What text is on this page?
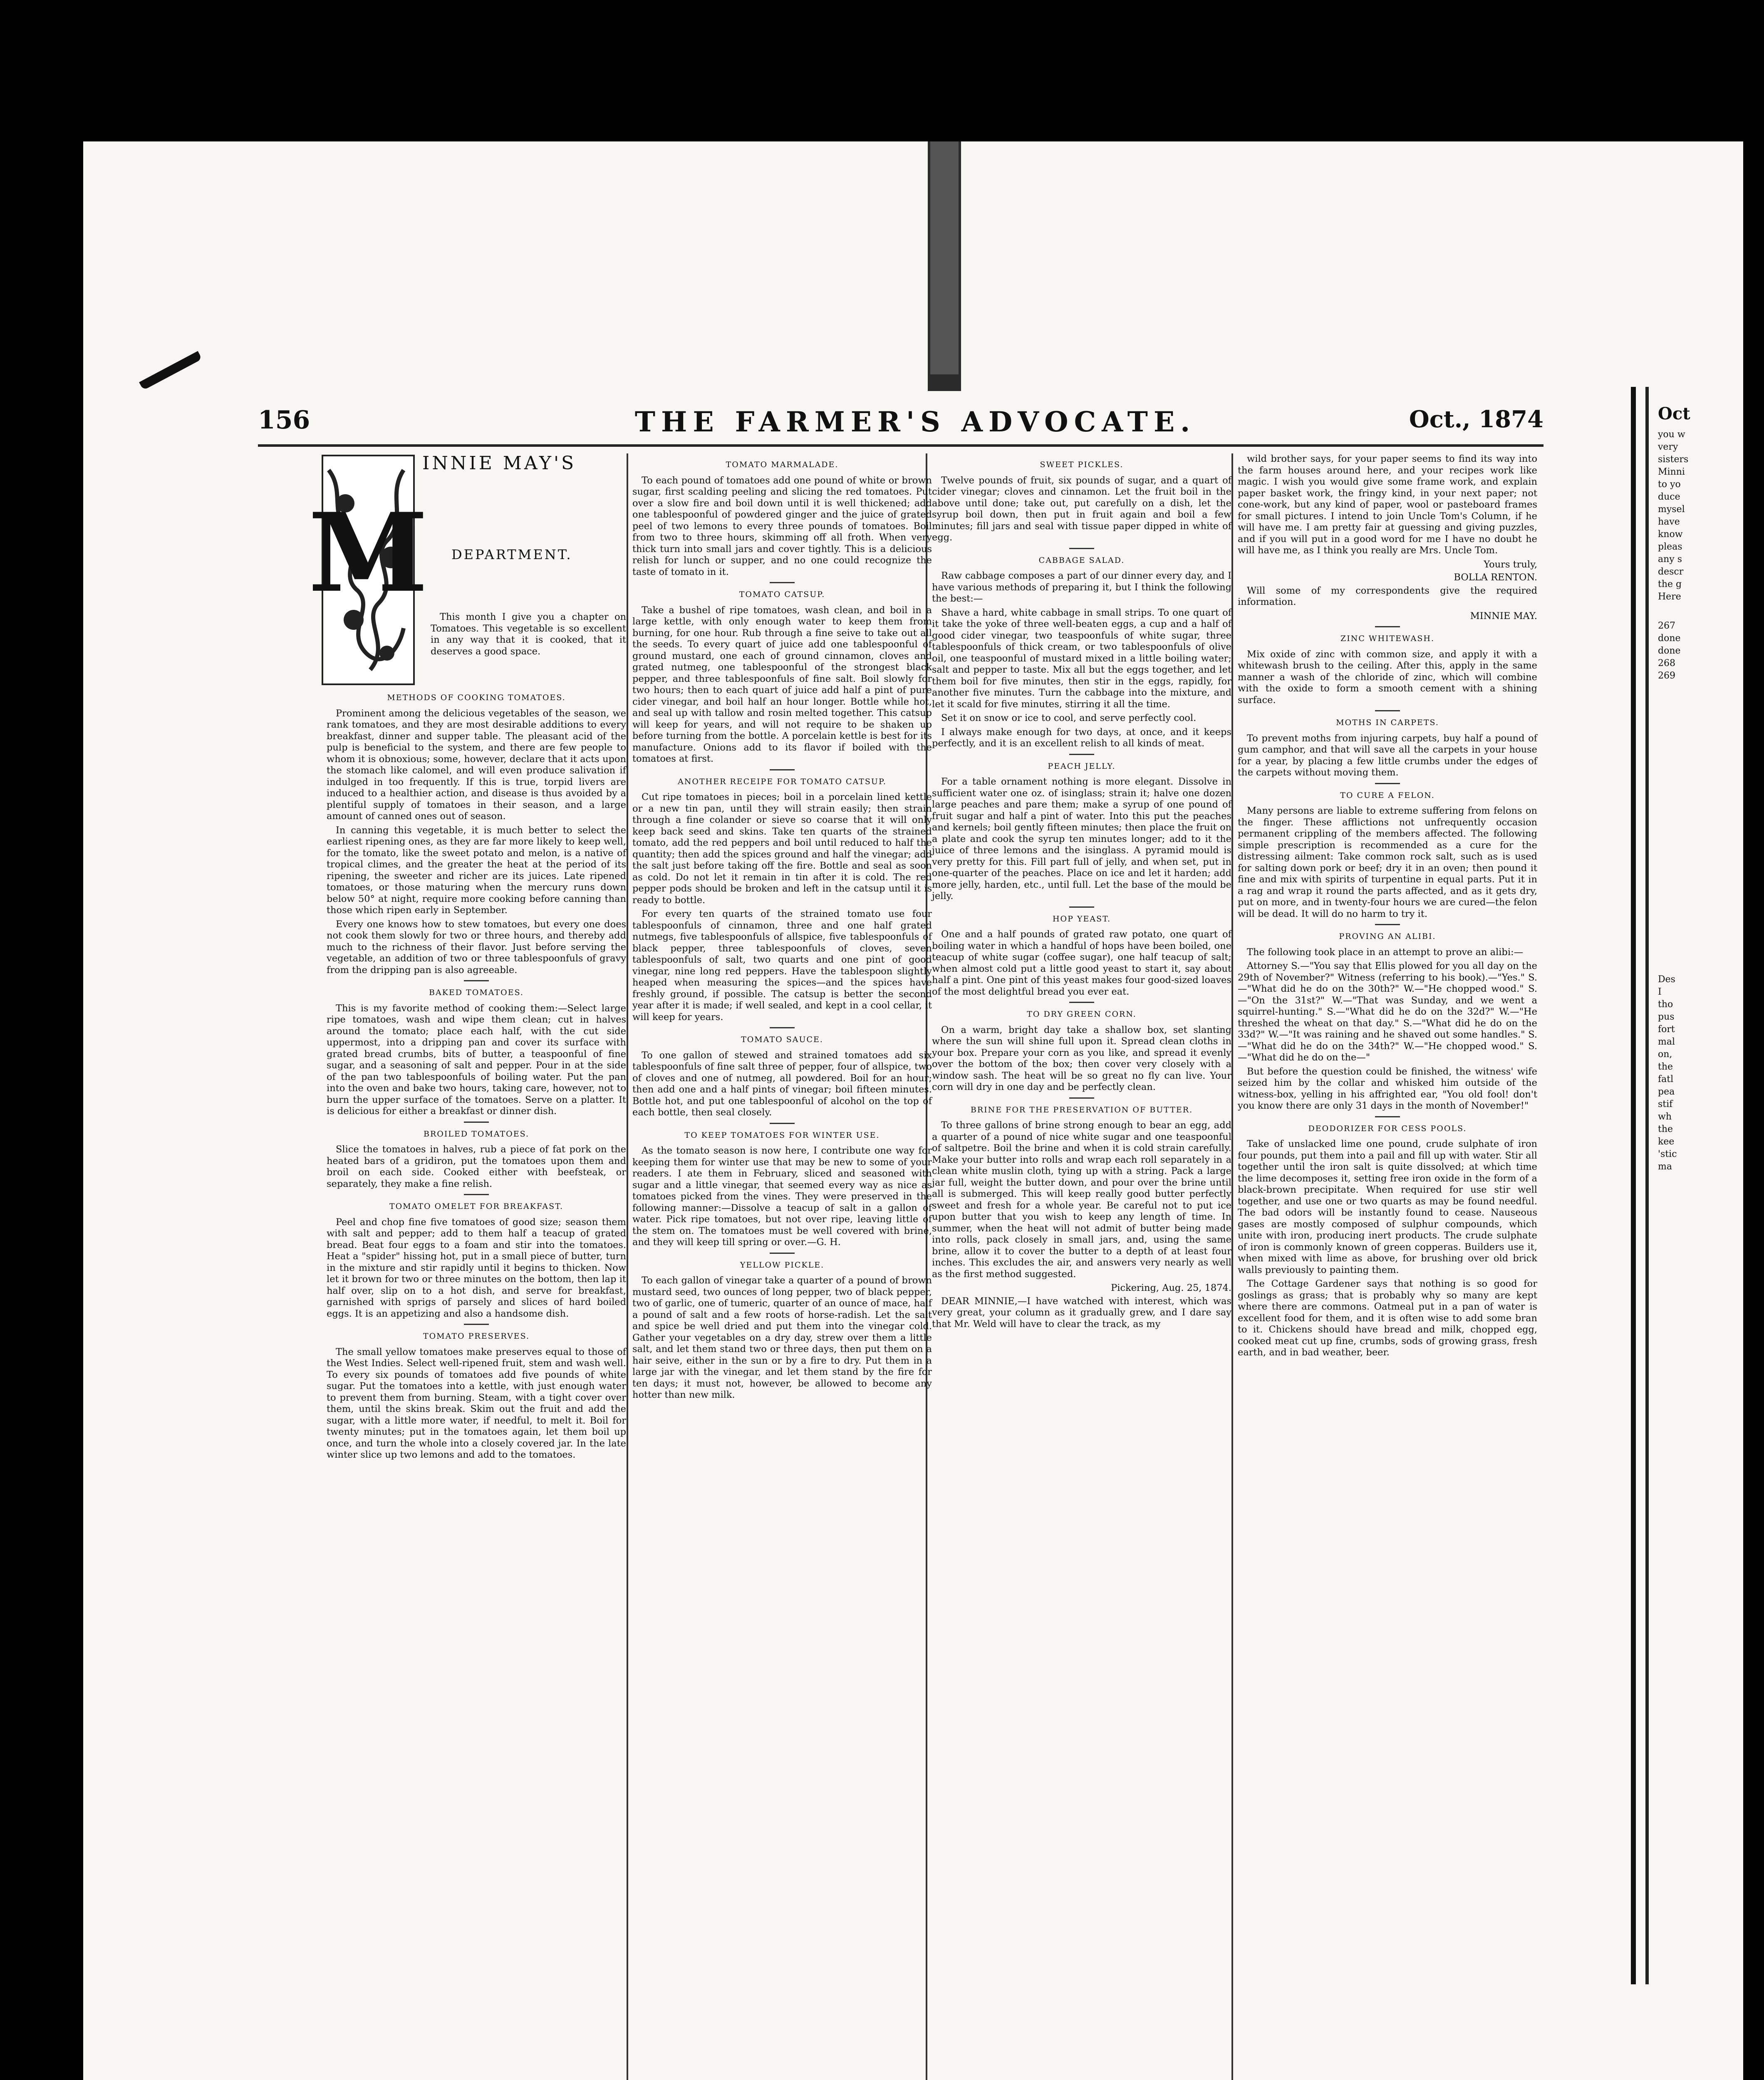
156	THE FARMER'S ADVOCATE.	Oct., 1874
M
INNIE MAY'S
DEPARTMENT.

This month I give you a chapter on Tomatoes. This vegetable is so excellent in any way that it is cooked, that it deserves a good space.

METHODS OF COOKING TOMATOES.

Prominent among the delicious vegetables of the season, we rank tomatoes, and they are most desirable additions to every breakfast, dinner and supper table. The pleasant acid of the pulp is beneficial to the system, and there are few people to whom it is obnoxious; some, however, declare that it acts upon the stomach like calomel, and will even produce salivation if indulged in too frequently. If this is true, torpid livers are induced to a healthier action, and disease is thus avoided by a plentiful supply of tomatoes in their season, and a large amount of canned ones out of season.

In canning this vegetable, it is much better to select the earliest ripening ones, as they are far more likely to keep well, for the tomato, like the sweet potato and melon, is a native of tropical climes, and the greater the heat at the period of its ripening, the sweeter and richer are its juices. Late ripened tomatoes, or those maturing when the mercury runs down below 50° at night, require more cooking before canning than those which ripen early in September.

Every one knows how to stew tomatoes, but every one does not cook them slowly for two or three hours, and thereby add much to the richness of their flavor. Just before serving the vegetable, an addition of two or three tablespoonfuls of gravy from the dripping pan is also agreeable.

BAKED TOMATOES.

This is my favorite method of cooking them:—Select large ripe tomatoes, wash and wipe them clean; cut in halves around the tomato; place each half, with the cut side uppermost, into a dripping pan and cover its surface with grated bread crumbs, bits of butter, a teaspoonful of fine sugar, and a seasoning of salt and pepper. Pour in at the side of the pan two tablespoonfuls of boiling water. Put the pan into the oven and bake two hours, taking care, however, not to burn the upper surface of the tomatoes. Serve on a platter. It is delicious for either a breakfast or dinner dish.

BROILED TOMATOES.

Slice the tomatoes in halves, rub a piece of fat pork on the heated bars of a gridiron, put the tomatoes upon them and broil on each side. Cooked either with beefsteak, or separately, they make a fine relish.

TOMATO OMELET FOR BREAKFAST.

Peel and chop fine five tomatoes of good size; season them with salt and pepper; add to them half a teacup of grated bread. Beat four eggs to a foam and stir into the tomatoes. Heat a "spider" hissing hot, put in a small piece of butter, turn in the mixture and stir rapidly until it begins to thicken. Now let it brown for two or three minutes on the bottom, then lap it half over, slip on to a hot dish, and serve for breakfast, garnished with sprigs of parsely and slices of hard boiled eggs. It is an appetizing and also a handsome dish.

TOMATO PRESERVES.

The small yellow tomatoes make preserves equal to those of the West Indies. Select well-ripened fruit, stem and wash well. To every six pounds of tomatoes add five pounds of white sugar. Put the tomatoes into a kettle, with just enough water to prevent them from burning. Steam, with a tight cover over them, until the skins break. Skim out the fruit and add the sugar, with a little more water, if needful, to melt it. Boil for twenty minutes; put in the tomatoes again, let them boil up once, and turn the whole into a closely covered jar. In the late winter slice up two lemons and add to the tomatoes.

TOMATO MARMALADE.

To each pound of tomatoes add one pound of white or brown sugar, first scalding peeling and slicing the red tomatoes. Put over a slow fire and boil down until it is well thickened; add one tablespoonful of powdered ginger and the juice of grated peel of two lemons to every three pounds of tomatoes. Boil from two to three hours, skimming off all froth. When very thick turn into small jars and cover tightly. This is a delicious relish for lunch or supper, and no one could recognize the taste of tomato in it.

TOMATO CATSUP.

Take a bushel of ripe tomatoes, wash clean, and boil in a large kettle, with only enough water to keep them from burning, for one hour. Rub through a fine seive to take out all the seeds. To every quart of juice add one tablespoonful of ground mustard, one each of ground cinnamon, cloves and grated nutmeg, one tablespoonful of the strongest black pepper, and three tablespoonfuls of fine salt. Boil slowly for two hours; then to each quart of juice add half a pint of pure cider vinegar, and boil half an hour longer. Bottle while hot, and seal up with tallow and rosin melted together. This catsup will keep for years, and will not require to be shaken up before turning from the bottle. A porcelain kettle is best for its manufacture. Onions add to its flavor if boiled with the tomatoes at first.

ANOTHER RECEIPE FOR TOMATO CATSUP.

Cut ripe tomatoes in pieces; boil in a porcelain lined kettle or a new tin pan, until they will strain easily; then strain through a fine colander or sieve so coarse that it will only keep back seed and skins. Take ten quarts of the strained tomato, add the red peppers and boil until reduced to half the quantity; then add the spices ground and half the vinegar; add the salt just before taking off the fire. Bottle and seal as soon as cold. Do not let it remain in tin after it is cold. The red pepper pods should be broken and left in the catsup until it is ready to bottle.

For every ten quarts of the strained tomato use four tablespoonfuls of cinnamon, three and one half grated nutmegs, five tablespoonfuls of allspice, five tablespoonfuls of black pepper, three tablespoonfuls of cloves, seven tablespoonfuls of salt, two quarts and one pint of good vinegar, nine long red peppers. Have the tablespoon slightly heaped when measuring the spices—and the spices have freshly ground, if possible. The catsup is better the second year after it is made; if well sealed, and kept in a cool cellar, it will keep for years.

TOMATO SAUCE.

To one gallon of stewed and strained tomatoes add six tablespoonfuls of fine salt three of pepper, four of allspice, two of cloves and one of nutmeg, all powdered. Boil for an hour; then add one and a half pints of vinegar; boil fifteen minutes. Bottle hot, and put one tablespoonful of alcohol on the top of each bottle, then seal closely.

TO KEEP TOMATOES FOR WINTER USE.

As the tomato season is now here, I contribute one way for keeping them for winter use that may be new to some of your readers. I ate them in February, sliced and seasoned with sugar and a little vinegar, that seemed every way as nice as tomatoes picked from the vines. They were preserved in the following manner:—Dissolve a teacup of salt in a gallon of water. Pick ripe tomatoes, but not over ripe, leaving little of the stem on. The tomatoes must be well covered with brine, and they will keep till spring or over.—G. H.

YELLOW PICKLE.

To each gallon of vinegar take a quarter of a pound of brown mustard seed, two ounces of long pepper, two of black pepper, two of garlic, one of tumeric, quarter of an ounce of mace, half a pound of salt and a few roots of horse-radish. Let the salt and spice be well dried and put them into the vinegar cold. Gather your vegetables on a dry day, strew over them a little salt, and let them stand two or three days, then put them on a hair seive, either in the sun or by a fire to dry. Put them in a large jar with the vinegar, and let them stand by the fire for ten days; it must not, however, be allowed to become any hotter than new milk.

SWEET PICKLES.

Twelve pounds of fruit, six pounds of sugar, and a quart of cider vinegar; cloves and cinnamon. Let the fruit boil in the above until done; take out, put carefully on a dish, let the syrup boil down, then put in fruit again and boil a few minutes; fill jars and seal with tissue paper dipped in white of egg.

CABBAGE SALAD.

Raw cabbage composes a part of our dinner every day, and I have various methods of preparing it, but I think the following the best:—

Shave a hard, white cabbage in small strips. To one quart of it take the yoke of three well-beaten eggs, a cup and a half of good cider vinegar, two teaspoonfuls of white sugar, three tablespoonfuls of thick cream, or two tablespoonfuls of olive oil, one teaspoonful of mustard mixed in a little boiling water; salt and pepper to taste. Mix all but the eggs together, and let them boil for five minutes, then stir in the eggs, rapidly, for another five minutes. Turn the cabbage into the mixture, and let it scald for five minutes, stirring it all the time.

Set it on snow or ice to cool, and serve perfectly cool.

I always make enough for two days, at once, and it keeps perfectly, and it is an excellent relish to all kinds of meat.

PEACH JELLY.

For a table ornament nothing is more elegant. Dissolve in sufficient water one oz. of isinglass; strain it; halve one dozen large peaches and pare them; make a syrup of one pound of fruit sugar and half a pint of water. Into this put the peaches and kernels; boil gently fifteen minutes; then place the fruit on a plate and cook the syrup ten minutes longer; add to it the juice of three lemons and the isinglass. A pyramid mould is very pretty for this. Fill part full of jelly, and when set, put in one-quarter of the peaches. Place on ice and let it harden; add more jelly, harden, etc., until full. Let the base of the mould be jelly.

HOP YEAST.

One and a half pounds of grated raw potato, one quart of boiling water in which a handful of hops have been boiled, one teacup of white sugar (coffee sugar), one half teacup of salt; when almost cold put a little good yeast to start it, say about half a pint. One pint of this yeast makes four good-sized loaves of the most delightful bread you ever eat.

TO DRY GREEN CORN.

On a warm, bright day take a shallow box, set slanting where the sun will shine full upon it. Spread clean cloths in your box. Prepare your corn as you like, and spread it evenly over the bottom of the box; then cover very closely with a window sash. The heat will be so great no fly can live. Your corn will dry in one day and be perfectly clean.

BRINE FOR THE PRESERVATION OF BUTTER.

To three gallons of brine strong enough to bear an egg, add a quarter of a pound of nice white sugar and one teaspoonful of saltpetre. Boil the brine and when it is cold strain carefully. Make your butter into rolls and wrap each roll separately in a clean white muslin cloth, tying up with a string. Pack a large jar full, weight the butter down, and pour over the brine until all is submerged. This will keep really good butter perfectly sweet and fresh for a whole year. Be careful not to put ice upon butter that you wish to keep any length of time. In summer, when the heat will not admit of butter being made into rolls, pack closely in small jars, and, using the same brine, allow it to cover the butter to a depth of at least four inches. This excludes the air, and answers very nearly as well as the first method suggested.

Pickering, Aug. 25, 1874.

DEAR MINNIE,—I have watched with interest, which was very great, your column as it gradually grew, and I dare say that Mr. Weld will have to clear the track, as my

wild brother says, for your paper seems to find its way into the farm houses around here, and your recipes work like magic. I wish you would give some frame work, and explain paper basket work, the fringy kind, in your next paper; not cone-work, but any kind of paper, wool or pasteboard frames for small pictures. I intend to join Uncle Tom's Column, if he will have me. I am pretty fair at guessing and giving puzzles, and if you will put in a good word for me I have no doubt he will have me, as I think you really are Mrs. Uncle Tom.

Yours truly,
BOLLA RENTON.

Will some of my correspondents give the required information.

MINNIE MAY.
ZINC WHITEWASH.

Mix oxide of zinc with common size, and apply it with a whitewash brush to the ceiling. After this, apply in the same manner a wash of the chloride of zinc, which will combine with the oxide to form a smooth cement with a shining surface.

MOTHS IN CARPETS.

To prevent moths from injuring carpets, buy half a pound of gum camphor, and that will save all the carpets in your house for a year, by placing a few little crumbs under the edges of the carpets without moving them.

TO CURE A FELON.

Many persons are liable to extreme suffering from felons on the finger. These afflictions not unfrequently occasion permanent crippling of the members affected. The following simple prescription is recommended as a cure for the distressing ailment: Take common rock salt, such as is used for salting down pork or beef; dry it in an oven; then pound it fine and mix with spirits of turpentine in equal parts. Put it in a rag and wrap it round the parts affected, and as it gets dry, put on more, and in twenty-four hours we are cured—the felon will be dead. It will do no harm to try it.

PROVING AN ALIBI.

The following took place in an attempt to prove an alibi:—

Attorney S.—"You say that Ellis plowed for you all day on the 29th of November?" Witness (referring to his book).—"Yes." S.—"What did he do on the 30th?" W.—"He chopped wood." S.—"On the 31st?" W.—"That was Sunday, and we went a squirrel-hunting." S.—"What did he do on the 32d?" W.—"He threshed the wheat on that day." S.—"What did he do on the 33d?" W.—"It was raining and he shaved out some handles." S.—"What did he do on the 34th?" W.—"He chopped wood." S.—"What did he do on the—"

But before the question could be finished, the witness' wife seized him by the collar and whisked him outside of the witness-box, yelling in his affrighted ear, "You old fool! don't you know there are only 31 days in the month of November!"

DEODORIZER FOR CESS POOLS.

Take of unslacked lime one pound, crude sulphate of iron four pounds, put them into a pail and fill up with water. Stir all together until the iron salt is quite dissolved; at which time the lime decomposes it, setting free iron oxide in the form of a black-brown precipitate. When required for use stir well together, and use one or two quarts as may be found needful. The bad odors will be instantly found to cease. Nauseous gases are mostly composed of sulphur compounds, which unite with iron, producing inert products. The crude sulphate of iron is commonly known of green copperas. Builders use it, when mixed with lime as above, for brushing over old brick walls previously to painting them.

The Cottage Gardener says that nothing is so good for goslings as grass; that is probably why so many are kept where there are commons. Oatmeal put in a pan of water is excellent food for them, and it is often wise to add some bran to it. Chickens should have bread and milk, chopped egg, cooked meat cut up fine, crumbs, sods of growing grass, fresh earth, and in bad weather, beer.

Oct
you w
very
sisters
Minni
to yo
duce
mysel
have
know
pleas
any s
descr
the g
Here
267
done
done
268
269
Des
I
tho
pus
fort
mal
on,
the
fatl
pea
stif
wh
the
kee
'stic
ma
